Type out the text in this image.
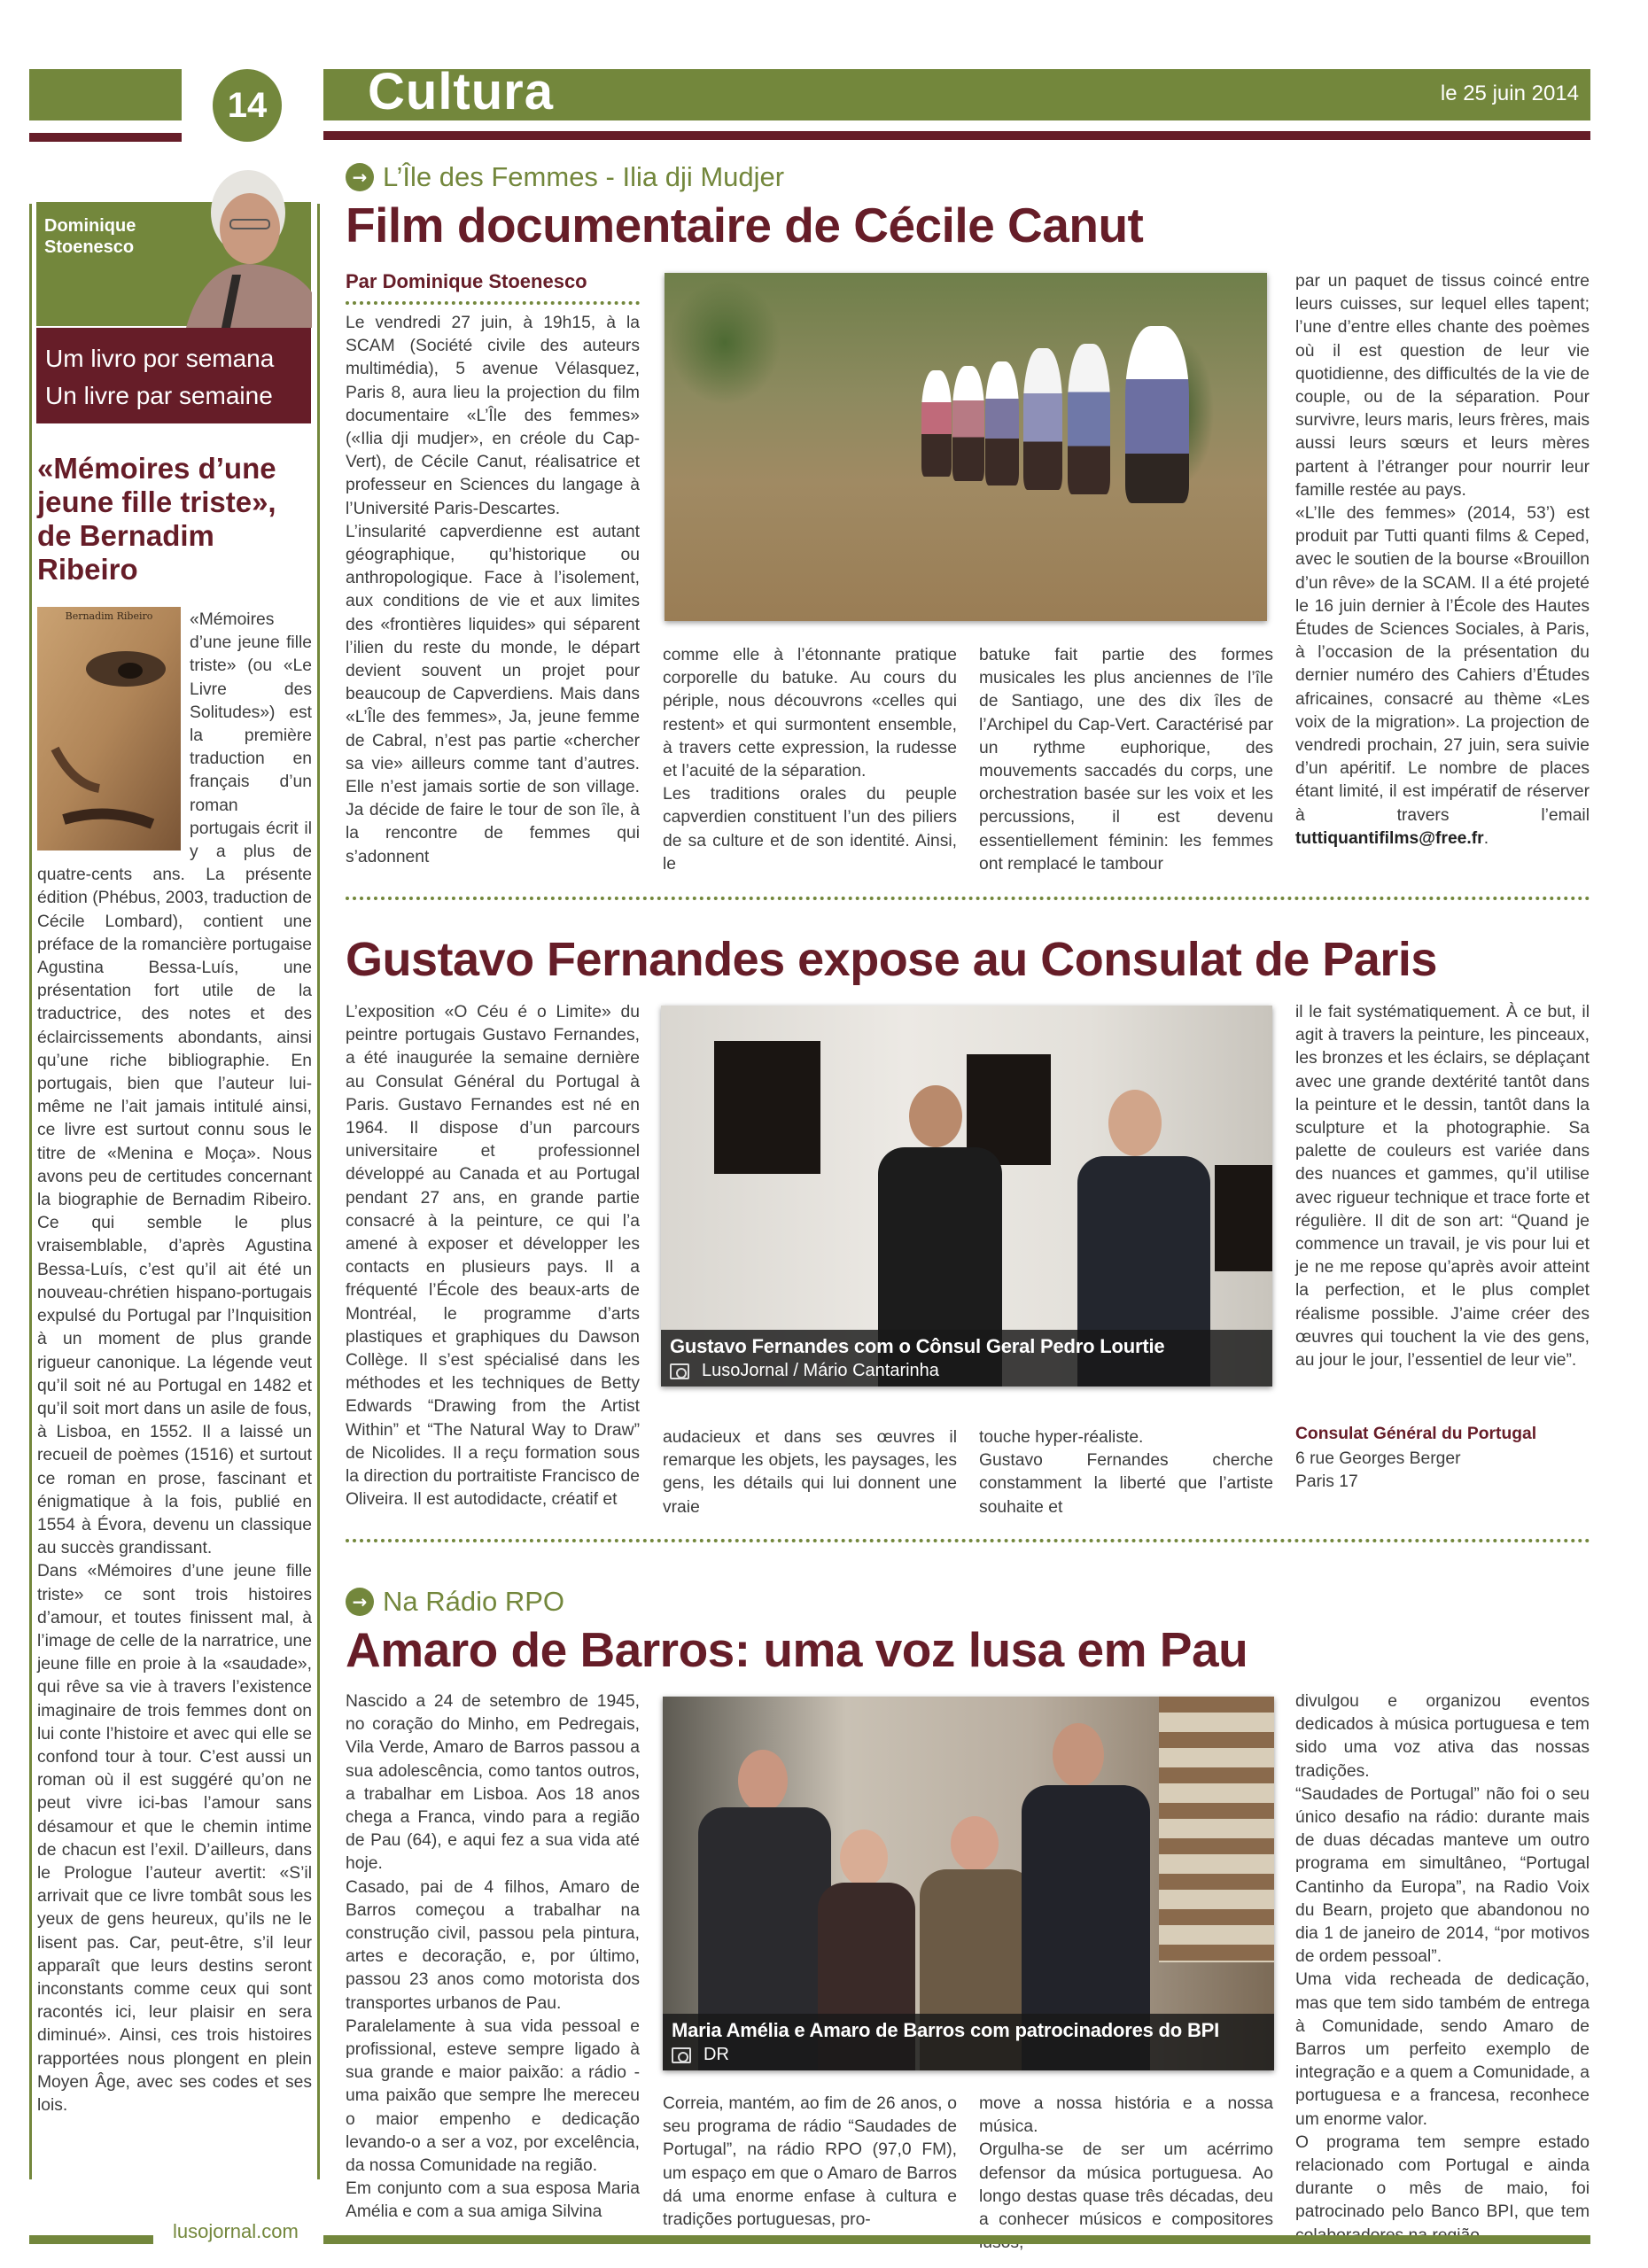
14 Cultura	le 25 juin 2014
Dominique
Stoenesco
Um livro por semana
Un livre par semaine
«Mémoires d’une
jeune fille triste»,
de Bernadim
Ribeiro
Bernadim Ribeiro	«Mémoires d’une jeune fille triste» (ou «Le Livre des Solitudes») est la première traduction en français d’un roman portugais écrit il y a plus de quatre-cents ans. La présente édition (Phébus, 2003, traduction de Cécile Lombard), contient une préface de la romancière portugaise Agustina Bessa-Luís, une présentation fort utile de la traductrice, des notes et des éclaircissements abondants, ainsi qu’une riche bibliographie. En portugais, bien que l’auteur lui-même ne l’ait jamais intitulé ainsi, ce livre est surtout connu sous le titre de «Menina e Moça». Nous avons peu de certitudes concernant la biographie de Bernadim Ribeiro. Ce qui semble le plus vraisemblable, d’après Agustina Bessa-Luís, c’est qu’il ait été un nouveau-chrétien hispano-portugais expulsé du Portugal par l’Inquisition à un moment de plus grande rigueur canonique. La légende veut qu’il soit né au Portugal en 1482 et qu’il soit mort dans un asile de fous, à Lisboa, en 1552. Il a laissé un recueil de poèmes (1516) et surtout ce roman en prose, fascinant et énigmatique à la fois, publié en 1554 à Évora, devenu un classique au succès grandissant.
Dans «Mémoires d’une jeune fille triste» ce sont trois histoires d’amour, et toutes finissent mal, à l’image de celle de la narratrice, une jeune fille en proie à la «saudade», qui rêve sa vie à travers l’existence imaginaire de trois femmes dont on lui conte l’histoire et avec qui elle se confond tour à tour. C’est aussi un roman où il est suggéré qu’on ne peut vivre ici-bas l’amour sans désamour et que le chemin intime de chacun est l’exil. D’ailleurs, dans le Prologue l’auteur avertit: «S’il arrivait que ce livre tombât sous les yeux de gens heureux, qu’ils ne le lisent pas. Car, peut-être, s’il leur apparaît que leurs destins seront inconstants comme ceux qui sont racontés ici, leur plaisir en sera diminué». Ainsi, ces trois histoires rapportées nous plongent en plein Moyen Âge, avec ses codes et ses lois.
→ L’Île des Femmes - Ilia dji Mudjer
Film documentaire de Cécile Canut
Par Dominique Stoenesco
Le vendredi 27 juin, à 19h15, à la SCAM (Société civile des auteurs multimédia), 5 avenue Vélasquez, Paris 8, aura lieu la projection du film documentaire «L’Île des femmes» («Ilia dji mudjer», en créole du Cap-Vert), de Cécile Canut, réalisatrice et professeur en Sciences du langage à l’Université Paris-Descartes.
L’insularité capverdienne est autant géographique, qu’historique ou anthropologique. Face à l’isolement, aux conditions de vie et aux limites des «frontières liquides» qui séparent l’ilien du reste du monde, le départ devient souvent un projet pour beaucoup de Capverdiens. Mais dans «L’Île des femmes», Ja, jeune femme de Cabral, n’est pas partie «chercher sa vie» ailleurs comme tant d’autres. Elle n’est jamais sortie de son village. Ja décide de faire le tour de son île, à la rencontre de femmes qui s’adonnent
comme elle à l’étonnante pratique corporelle du batuke. Au cours du périple, nous découvrons «celles qui restent» et qui surmontent ensemble, à travers cette expression, la rudesse et l’acuité de la séparation.
Les traditions orales du peuple capverdien constituent l’un des piliers de sa culture et de son identité. Ainsi, le
batuke fait partie des formes musicales les plus anciennes de l’île de Santiago, une des dix îles de l’Archipel du Cap-Vert. Caractérisé par un rythme euphorique, des mouvements saccadés du corps, une orchestration basée sur les voix et les percussions, il est devenu essentiellement féminin: les femmes ont remplacé le tambour
par un paquet de tissus coincé entre leurs cuisses, sur lequel elles tapent; l’une d’entre elles chante des poèmes où il est question de leur vie quotidienne, des difficultés de la vie de couple, ou de la séparation. Pour survivre, leurs maris, leurs frères, mais aussi leurs sœurs et leurs mères partent à l’étranger pour nourrir leur famille restée au pays.
«L’Ile des femmes» (2014, 53’) est produit par Tutti quanti films & Ceped, avec le soutien de la bourse «Brouillon d’un rêve» de la SCAM. Il a été projeté le 16 juin dernier à l’École des Hautes Études de Sciences Sociales, à Paris, à l’occasion de la présentation du dernier numéro des Cahiers d’Études africaines, consacré au thème «Les voix de la migration». La projection de vendredi prochain, 27 juin, sera suivie d’un apéritif. Le nombre de places étant limité, il est impératif de réserver à travers l’email tuttiquantifilms@free.fr.
Gustavo Fernandes expose au Consulat de Paris
L’exposition «O Céu é o Limite» du peintre portugais Gustavo Fernandes, a été inaugurée la semaine dernière au Consulat Général du Portugal à Paris. Gustavo Fernandes est né en 1964. Il dispose d’un parcours universitaire et professionnel développé au Canada et au Portugal pendant 27 ans, en grande partie consacré à la peinture, ce qui l’a amené à exposer et développer les contacts en plusieurs pays. Il a fréquenté l’École des beaux-arts de Montréal, le programme d’arts plastiques et graphiques du Dawson Collège. Il s’est spécialisé dans les méthodes et les techniques de Betty Edwards “Drawing from the Artist Within” et “The Natural Way to Draw” de Nicolides. Il a reçu formation sous la direction du portraitiste Francisco de Oliveira. Il est autodidacte, créatif et
Gustavo Fernandes com o Cônsul Geral Pedro Lourtie
LusoJornal / Mário Cantarinha
audacieux et dans ses œuvres il remarque les objets, les paysages, les gens, les détails qui lui donnent une vraie
touche hyper-réaliste.
Gustavo Fernandes cherche constamment la liberté que l’artiste souhaite et
il le fait systématiquement. À ce but, il agit à travers la peinture, les pinceaux, les bronzes et les éclairs, se déplaçant avec une grande dextérité tantôt dans la peinture et le dessin, tantôt dans la sculpture et la photographie. Sa palette de couleurs est variée dans des nuances et gammes, qu’il utilise avec rigueur technique et trace forte et régulière. Il dit de son art: “Quand je commence un travail, je vis pour lui et je ne me repose qu’après avoir atteint la perfection, et le plus complet réalisme possible. J’aime créer des œuvres qui touchent la vie des gens, au jour le jour, l’essentiel de leur vie”.
Consulat Général du Portugal
6 rue Georges Berger
Paris 17
→ Na Rádio RPO
Amaro de Barros: uma voz lusa em Pau
Nascido a 24 de setembro de 1945, no coração do Minho, em Pedregais, Vila Verde, Amaro de Barros passou a sua adolescência, como tantos outros, a trabalhar em Lisboa. Aos 18 anos chega a Franca, vindo para a região de Pau (64), e aqui fez a sua vida até hoje.
Casado, pai de 4 filhos, Amaro de Barros começou a trabalhar na construção civil, passou pela pintura, artes e decoração, e, por último, passou 23 anos como motorista dos transportes urbanos de Pau.
Paralelamente à sua vida pessoal e profissional, esteve sempre ligado à sua grande e maior paixão: a rádio - uma paixão que sempre lhe mereceu o maior empenho e dedicação levando-o a ser a voz, por excelência, da nossa Comunidade na região.
Em conjunto com a sua esposa Maria Amélia e com a sua amiga Silvina
Maria Amélia e Amaro de Barros com patrocinadores do BPI
DR
Correia, mantém, ao fim de 26 anos, o seu programa de rádio “Saudades de Portugal”, na rádio RPO (97,0 FM), um espaço em que o Amaro de Barros dá uma enorme enfase à cultura e tradições portuguesas, pro-
move a nossa história e a nossa música.
Orgulha-se de ser um acérrimo defensor da música portuguesa. Ao longo destas quase três décadas, deu a conhecer músicos e compositores
divulgou e organizou eventos dedicados à música portuguesa e tem sido uma voz ativa das nossas tradições.
“Saudades de Portugal” não foi o seu único desafio na rádio: durante mais de duas décadas manteve um outro programa em simultâneo, “Portugal Cantinho da Europa”, na Radio Voix du Bearn, projeto que abandonou no dia 1 de janeiro de 2014, “por motivos de ordem pessoal”.
Uma vida recheada de dedicação, mas que tem sido também de entrega à Comunidade, sendo Amaro de Barros um perfeito exemplo de integração e a quem a Comunidade, a portuguesa e a francesa, reconhece um enorme valor.
O programa tem sempre estado relacionado com Portugal e ainda durante o mês de maio, foi patrocinado pelo Banco BPI, que tem
lusojornal.com
